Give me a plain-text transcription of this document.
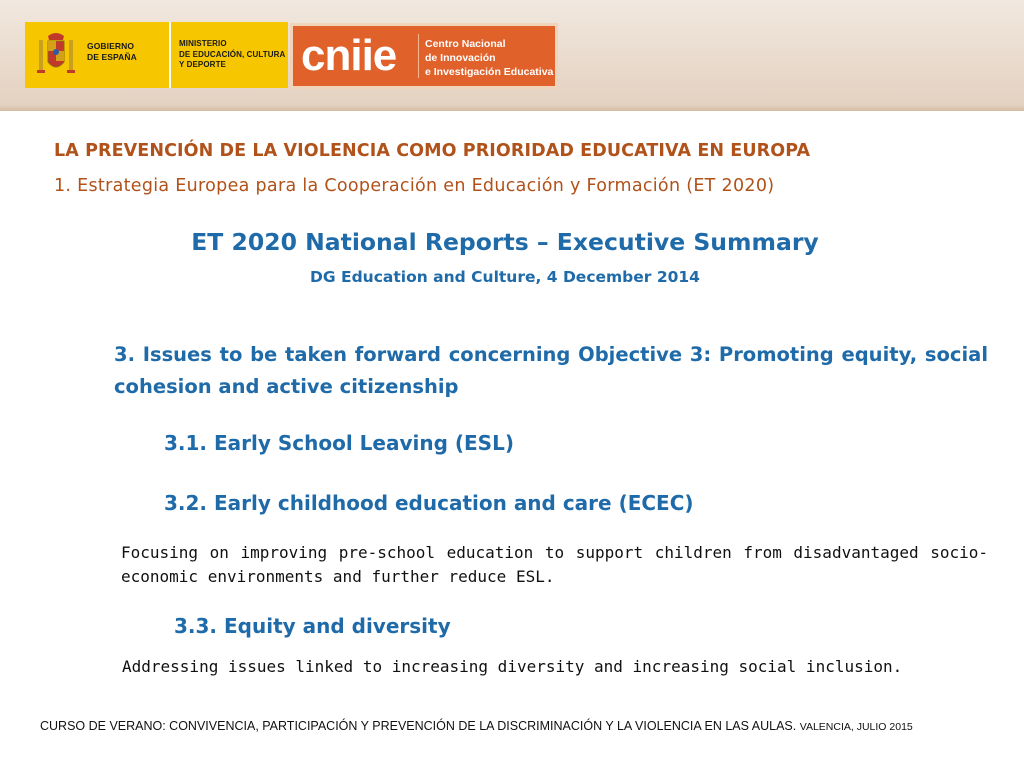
GOBIERNO
DE ESPAÑA
MINISTERIO
DE EDUCACIÓN, CULTURA
Y DEPORTE	cniie	Centro Nacional
de Innovación
e Investigación Educativa
LA PREVENCIÓN DE LA VIOLENCIA COMO PRIORIDAD EDUCATIVA EN EUROPA
1. Estrategia Europea para la Cooperación en Educación y Formación (ET 2020)
ET 2020 National Reports – Executive Summary
DG Education and Culture, 4 December 2014
3. Issues to be taken forward concerning Objective 3: Promoting equity, social cohesion and active citizenship
3.1. Early School Leaving (ESL)
3.2. Early childhood education and care (ECEC)
Focusing on improving pre-school education to support children from disadvantaged socio-economic environments and further reduce ESL.
3.3. Equity and diversity
Addressing issues linked to increasing diversity and increasing social inclusion.
CURSO DE VERANO: CONVIVENCIA, PARTICIPACIÓN Y PREVENCIÓN DE LA DISCRIMINACIÓN Y LA VIOLENCIA EN LAS AULAS. VALENCIA, JULIO 2015
